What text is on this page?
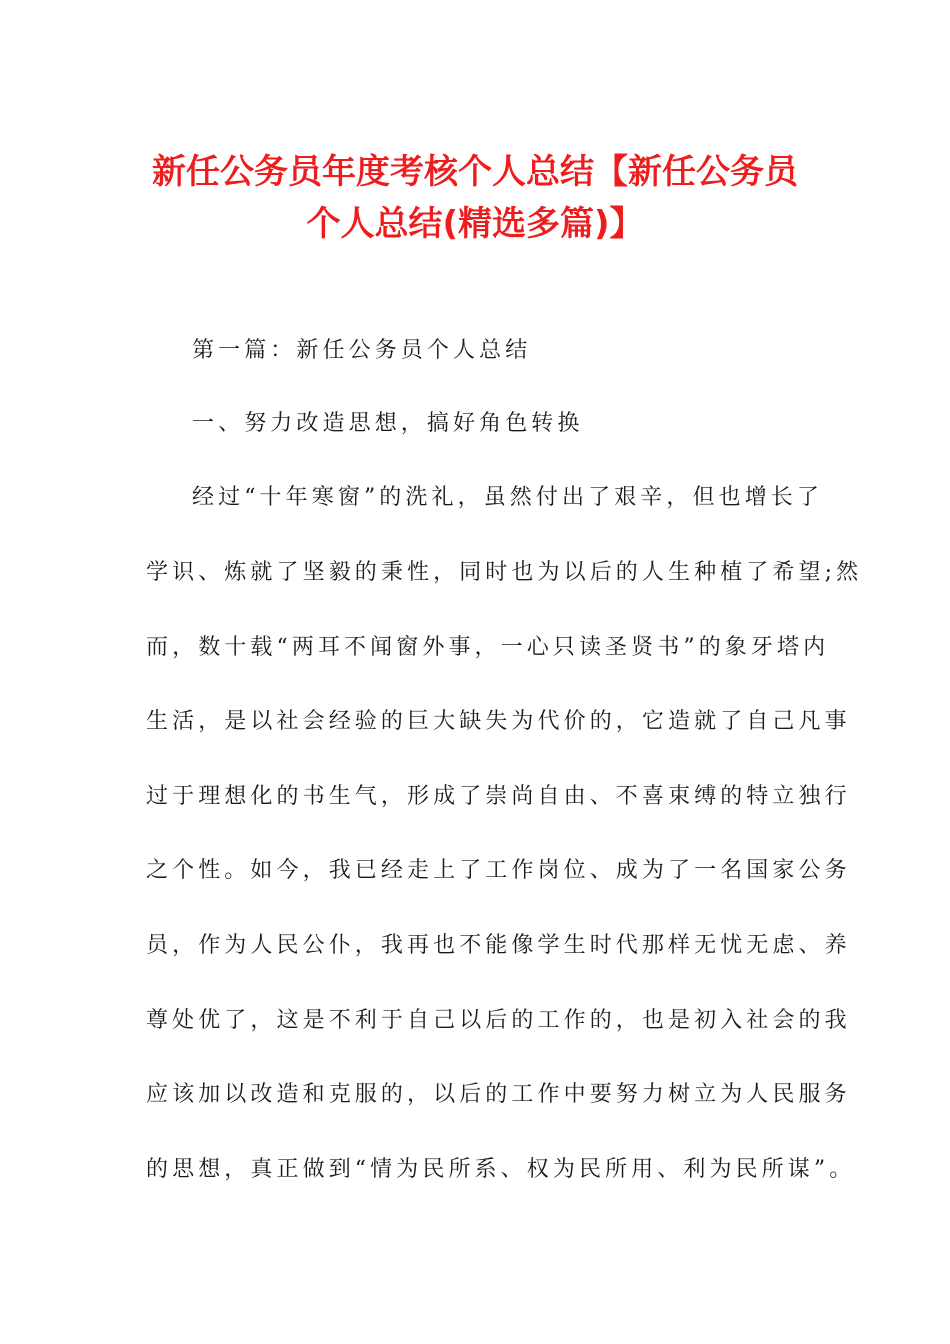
新任公务员年度考核个人总结【新任公务员
个人总结(精选多篇)】
第一篇：新任公务员个人总结
一、努力改造思想，搞好角色转换
经过“十年寒窗”的洗礼，虽然付出了艰辛，但也增长了
学识、炼就了坚毅的秉性，同时也为以后的人生种植了希望;然
而，数十载“两耳不闻窗外事，一心只读圣贤书”的象牙塔内
生活，是以社会经验的巨大缺失为代价的，它造就了自己凡事
过于理想化的书生气，形成了崇尚自由、不喜束缚的特立独行
之个性。如今，我已经走上了工作岗位、成为了一名国家公务
员，作为人民公仆，我再也不能像学生时代那样无忧无虑、养
尊处优了，这是不利于自己以后的工作的，也是初入社会的我
应该加以改造和克服的，以后的工作中要努力树立为人民服务
的思想，真正做到“情为民所系、权为民所用、利为民所谋”。
